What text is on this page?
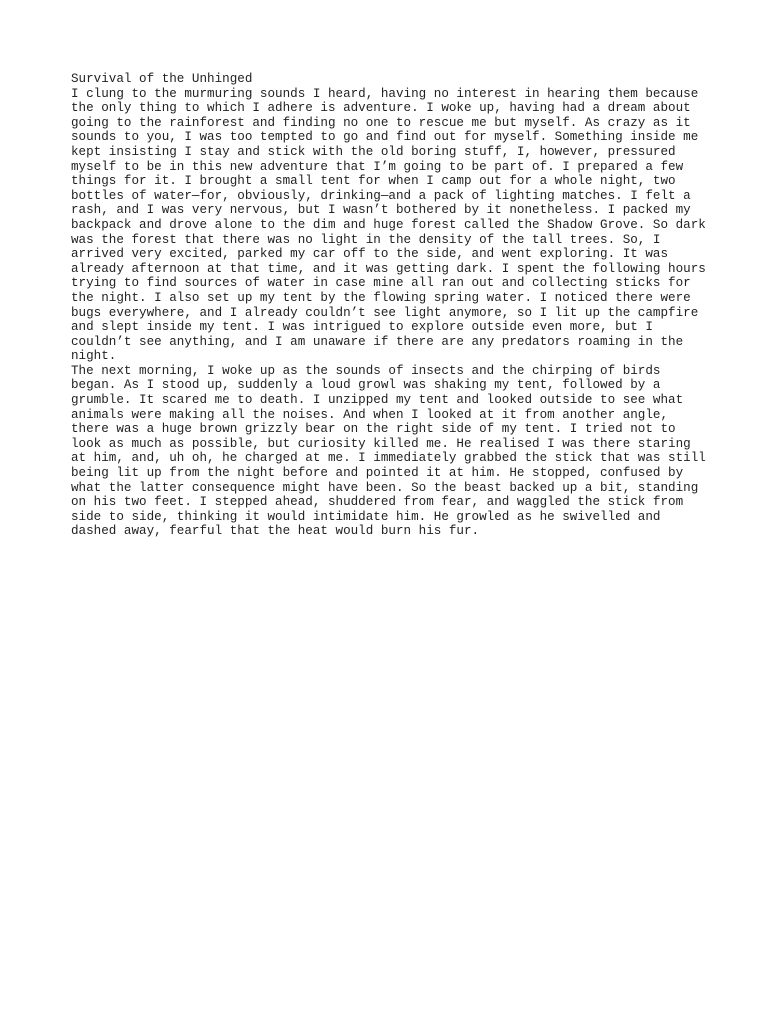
Survival of the Unhinged

I clung to the murmuring sounds I heard, having no interest in hearing them because the only thing to which I adhere is adventure. I woke up, having had a dream about going to the rainforest and finding no one to rescue me but myself. As crazy as it sounds to you, I was too tempted to go and find out for myself. Something inside me kept insisting I stay and stick with the old boring stuff, I, however, pressured myself to be in this new adventure that I’m going to be part of. I prepared a few things for it. I brought a small tent for when I camp out for a whole night, two bottles of water—for, obviously, drinking—and a pack of lighting matches. I felt a rash, and I was very nervous, but I wasn’t bothered by it nonetheless. I packed my backpack and drove alone to the dim and huge forest called the Shadow Grove. So dark was the forest that there was no light in the density of the tall trees. So, I arrived very excited, parked my car off to the side, and went exploring. It was already afternoon at that time, and it was getting dark. I spent the following hours trying to find sources of water in case mine all ran out and collecting sticks for the night. I also set up my tent by the flowing spring water. I noticed there were bugs everywhere, and I already couldn’t see light anymore, so I lit up the campfire and slept inside my tent. I was intrigued to explore outside even more, but I couldn’t see anything, and I am unaware if there are any predators roaming in the night.

The next morning, I woke up as the sounds of insects and the chirping of birds began. As I stood up, suddenly a loud growl was shaking my tent, followed by a grumble. It scared me to death. I unzipped my tent and looked outside to see what animals were making all the noises. And when I looked at it from another angle, there was a huge brown grizzly bear on the right side of my tent. I tried not to look as much as possible, but curiosity killed me. He realised I was there staring at him, and, uh oh, he charged at me. I immediately grabbed the stick that was still being lit up from the night before and pointed it at him. He stopped, confused by what the latter consequence might have been. So the beast backed up a bit, standing on his two feet. I stepped ahead, shuddered from fear, and waggled the stick from side to side, thinking it would intimidate him. He growled as he swivelled and dashed away, fearful that the heat would burn his fur.
